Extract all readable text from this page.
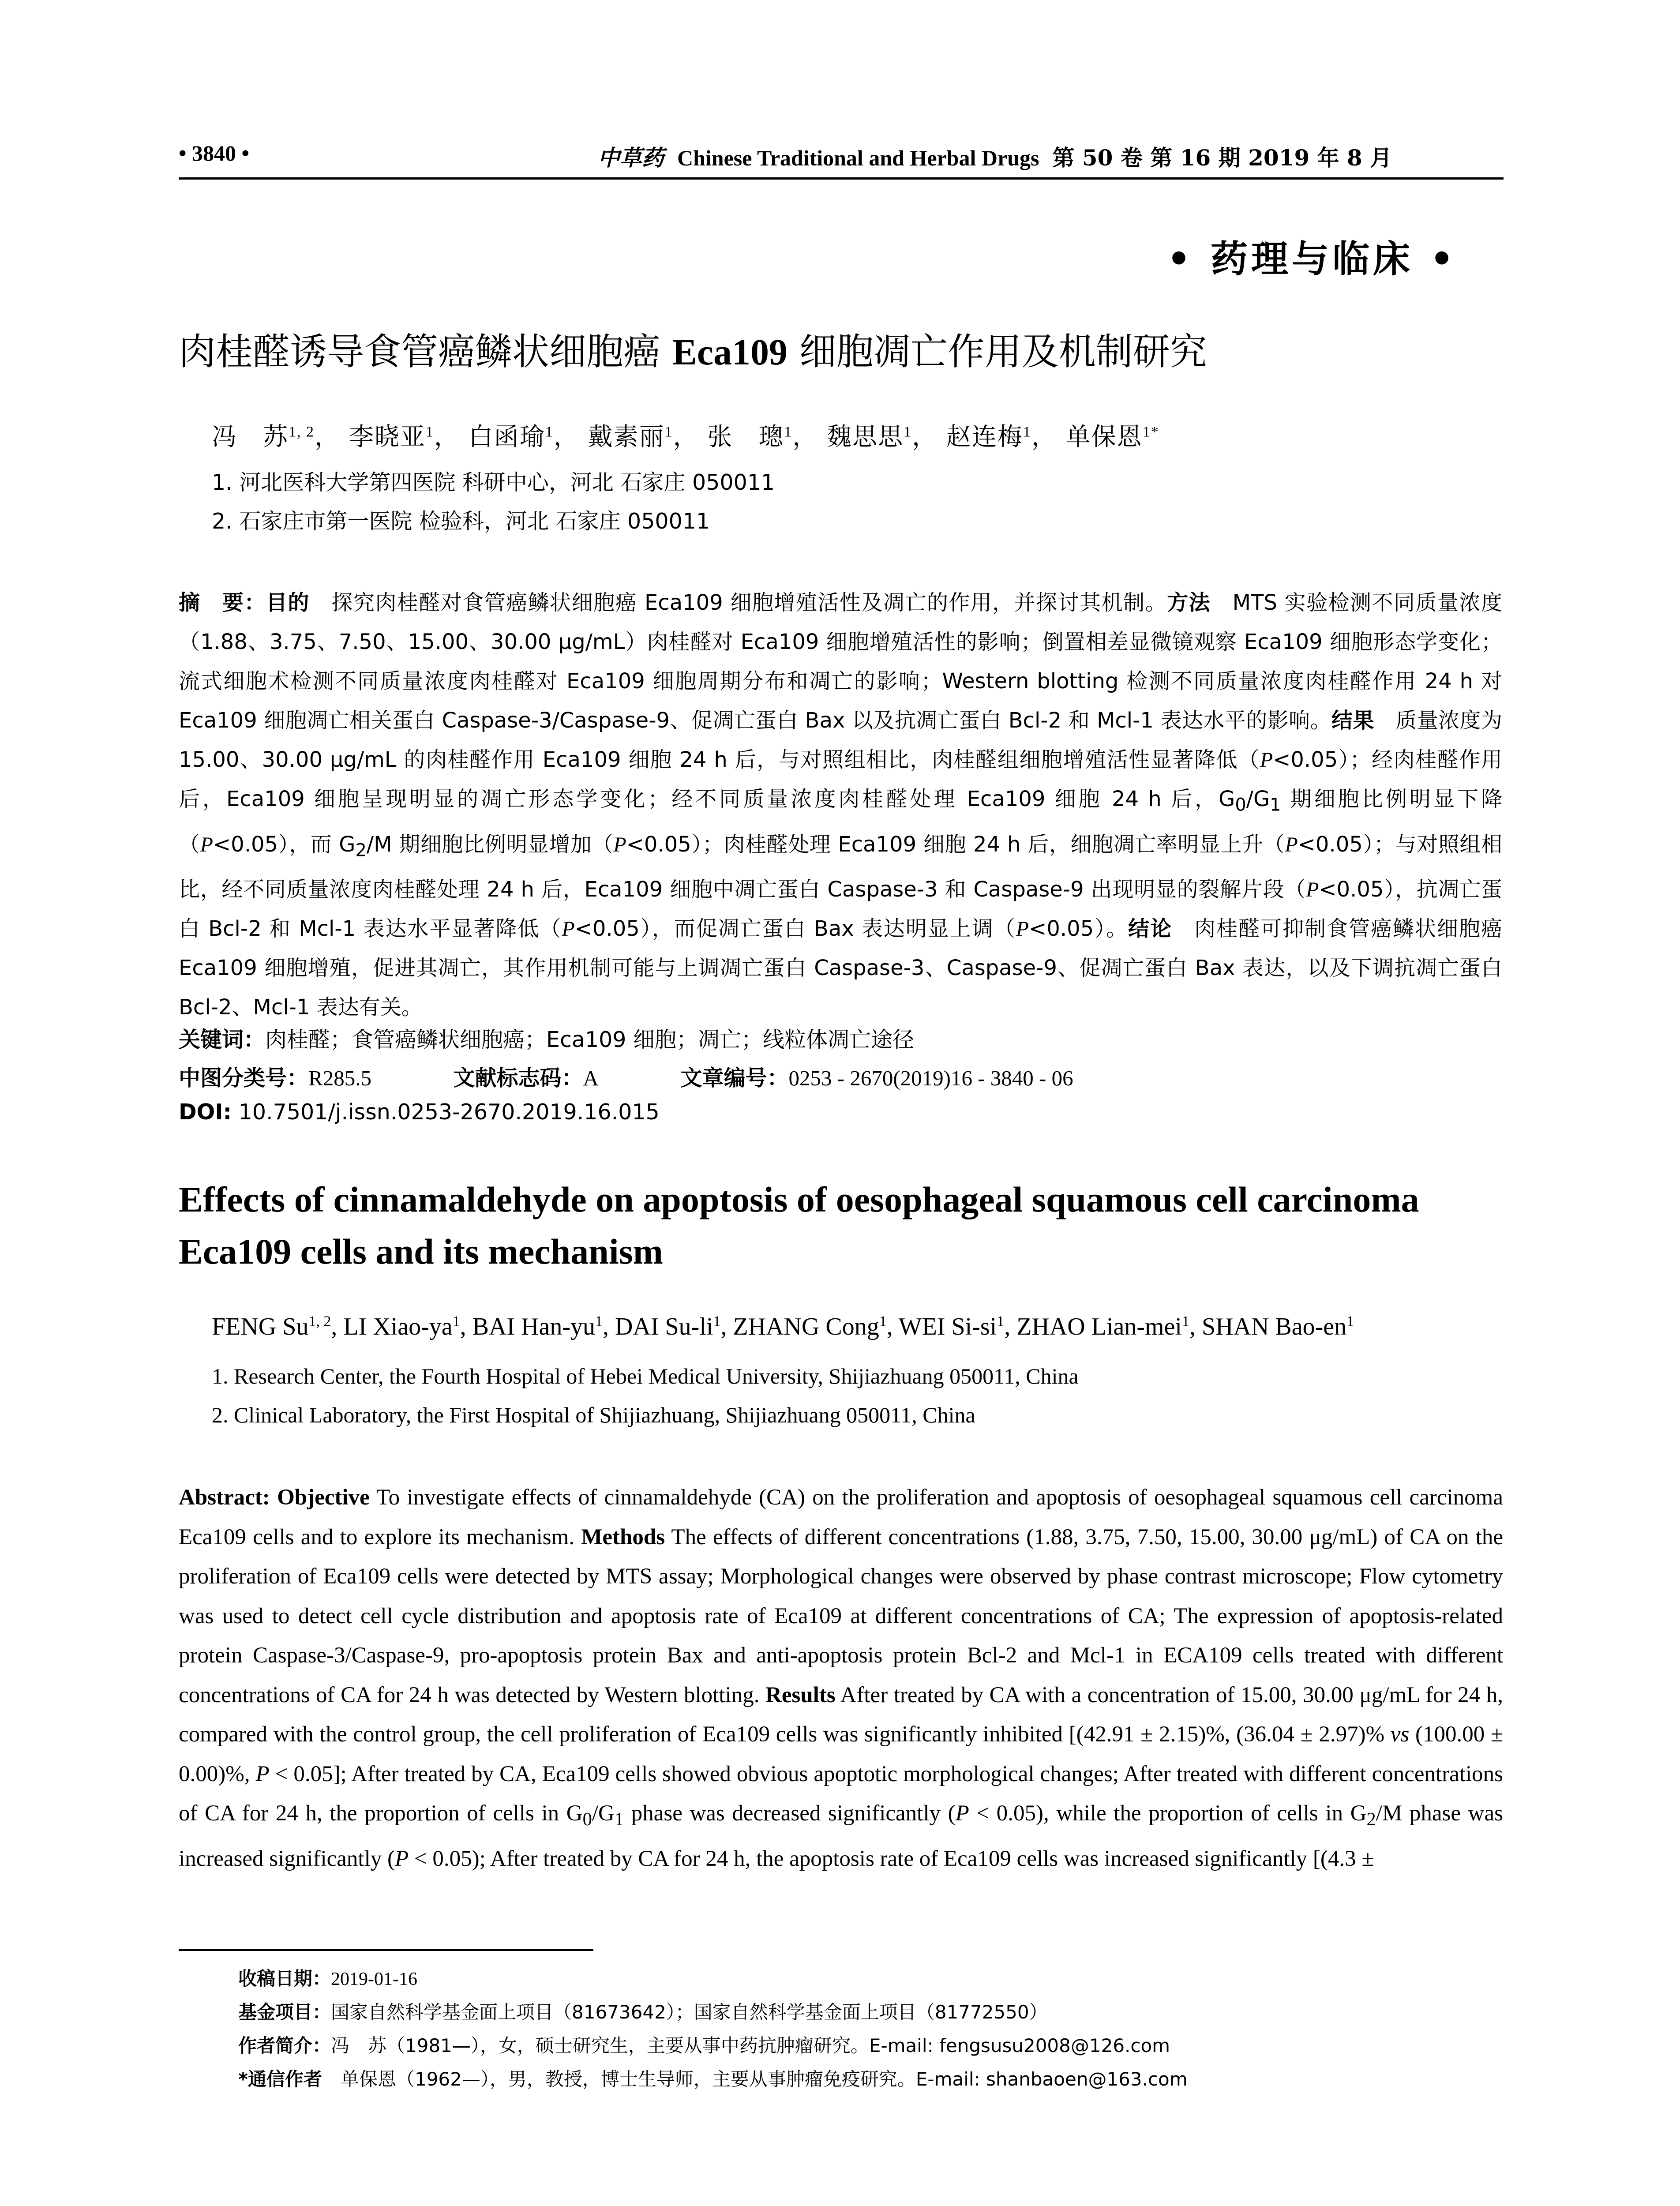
• 3840 •	中草药 Chinese Traditional and Herbal Drugs 第 50 卷 第 16 期 2019 年 8 月
• 药理与临床 •
肉桂醛诱导食管癌鳞状细胞癌 Eca109 细胞凋亡作用及机制研究
冯　苏$^{1, 2}$， 李晓亚$^1$， 白函瑜$^1$， 戴素丽$^1$， 张　璁$^1$， 魏思思$^1$， 赵连梅$^1$， 单保恩$^{1*}$
1. 河北医科大学第四医院 科研中心，河北 石家庄 050011
2. 石家庄市第一医院 检验科，河北 石家庄 050011
摘　要：目的　探究肉桂醛对食管癌鳞状细胞癌 Eca109 细胞增殖活性及凋亡的作用，并探讨其机制。方法　MTS 实验检测不同质量浓度（1.88、3.75、7.50、15.00、30.00 μg/mL）肉桂醛对 Eca109 细胞增殖活性的影响；倒置相差显微镜观察 Eca109 细胞形态学变化；流式细胞术检测不同质量浓度肉桂醛对 Eca109 细胞周期分布和凋亡的影响；Western blotting 检测不同质量浓度肉桂醛作用 24 h 对 Eca109 细胞凋亡相关蛋白 Caspase-3/Caspase-9、促凋亡蛋白 Bax 以及抗凋亡蛋白 Bcl-2 和 Mcl-1 表达水平的影响。结果　质量浓度为 15.00、30.00 μg/mL 的肉桂醛作用 Eca109 细胞 24 h 后，与对照组相比，肉桂醛组细胞增殖活性显著降低（P<0.05）；经肉桂醛作用后，Eca109 细胞呈现明显的凋亡形态学变化；经不同质量浓度肉桂醛处理 Eca109 细胞 24 h 后，$G_0/G_1$ 期细胞比例明显下降（P<0.05），而 $G_2/M$ 期细胞比例明显增加（P<0.05）；肉桂醛处理 Eca109 细胞 24 h 后，细胞凋亡率明显上升（P<0.05）；与对照组相比，经不同质量浓度肉桂醛处理 24 h 后，Eca109 细胞中凋亡蛋白 Caspase-3 和 Caspase-9 出现明显的裂解片段（P<0.05），抗凋亡蛋白 Bcl-2 和 Mcl-1 表达水平显著降低（P<0.05），而促凋亡蛋白 Bax 表达明显上调（P<0.05）。结论　肉桂醛可抑制食管癌鳞状细胞癌 Eca109 细胞增殖，促进其凋亡，其作用机制可能与上调凋亡蛋白 Caspase-3、Caspase-9、促凋亡蛋白 Bax 表达，以及下调抗凋亡蛋白 Bcl-2、Mcl-1 表达有关。
关键词：肉桂醛；食管癌鳞状细胞癌；Eca109 细胞；凋亡；线粒体凋亡途径
中图分类号：R285.5	文献标志码：A	文章编号：0253 - 2670(2019)16 - 3840 - 06
DOI: 10.7501/j.issn.0253-2670.2019.16.015
Effects of cinnamaldehyde on apoptosis of oesophageal squamous cell carcinoma Eca109 cells and its mechanism
FENG Su$^{1, 2}$, LI Xiao-$ya^1$, BAI Han-$yu^1$, DAI $Su-li^1$, ZHANG Cong$^1$, WEI $Si-si^1$, ZHAO Lian-mei$^1$, SHAN Bao-$en^1$
1. Research Center, the Fourth Hospital of Hebei Medical University, Shijiazhuang 050011, China
2. Clinical Laboratory, the First Hospital of Shijiazhuang, Shijiazhuang 050011, China
Abstract: Objective To investigate effects of cinnamaldehyde (CA) on the proliferation and apoptosis of oesophageal squamous cell carcinoma Eca109 cells and to explore its mechanism. Methods The effects of different concentrations (1.88, 3.75, 7.50, 15.00, 30.00 μg/mL) of CA on the proliferation of Eca109 cells were detected by MTS assay; Morphological changes were observed by phase contrast microscope; Flow cytometry was used to detect cell cycle distribution and apoptosis rate of Eca109 at different concentrations of CA; The expression of apoptosis-related protein Caspase-3/Caspase-9, pro-apoptosis protein Bax and anti-apoptosis protein Bcl-2 and Mcl-1 in ECA109 cells treated with different concentrations of CA for 24 h was detected by Western blotting. Results After treated by CA with a concentration of 15.00, 30.00 μg/mL for 24 h, compared with the control group, the cell proliferation of Eca109 cells was significantly inhibited [(42.91 ± 2.15)%, (36.04 ± 2.97)% vs (100.00 ± 0.00)%, P < 0.05]; After treated by CA, Eca109 cells showed obvious apoptotic morphological changes; After treated with different concentrations of CA for 24 h, the proportion of cells in $G_0/G_1$ phase was decreased significantly (P < 0.05), while the proportion of cells in $G_2/M$ phase was increased significantly (P < 0.05); After treated by CA for 24 h, the apoptosis rate of Eca109 cells was increased significantly [(4.3 ±
收稿日期：2019-01-16
基金项目：国家自然科学基金面上项目（81673642）；国家自然科学基金面上项目（81772550）
作者简介：冯　苏（1981—），女，硕士研究生，主要从事中药抗肿瘤研究。E-mail: fengsusu2008@126.com
*通信作者　单保恩（1962—），男，教授，博士生导师，主要从事肿瘤免疫研究。E-mail: shanbaoen@163.com
